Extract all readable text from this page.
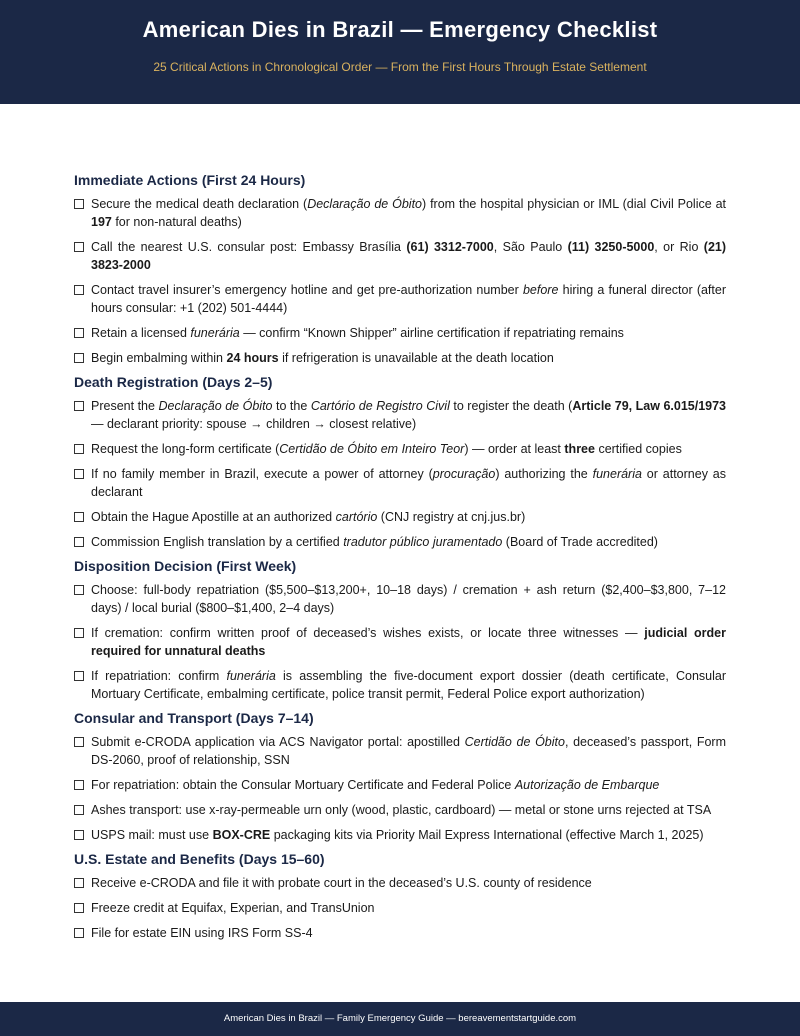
American Dies in Brazil — Emergency Checklist
25 Critical Actions in Chronological Order — From the First Hours Through Estate Settlement
Immediate Actions (First 24 Hours)
Secure the medical death declaration (Declaração de Óbito) from the hospital physician or IML (dial Civil Police at 197 for non-natural deaths)
Call the nearest U.S. consular post: Embassy Brasília (61) 3312-7000, São Paulo (11) 3250-5000, or Rio (21) 3823-2000
Contact travel insurer’s emergency hotline and get pre-authorization number before hiring a funeral director (after hours consular: +1 (202) 501-4444)
Retain a licensed funerária — confirm “Known Shipper” airline certification if repatriating remains
Begin embalming within 24 hours if refrigeration is unavailable at the death location
Death Registration (Days 2–5)
Present the Declaração de Óbito to the Cartório de Registro Civil to register the death (Article 79, Law 6.015/1973 — declarant priority: spouse → children → closest relative)
Request the long-form certificate (Certidão de Óbito em Inteiro Teor) — order at least three certified copies
If no family member in Brazil, execute a power of attorney (procuração) authorizing the funerária or attorney as declarant
Obtain the Hague Apostille at an authorized cartório (CNJ registry at cnj.jus.br)
Commission English translation by a certified tradutor público juramentado (Board of Trade accredited)
Disposition Decision (First Week)
Choose: full-body repatriation ($5,500–$13,200+, 10–18 days) / cremation + ash return ($2,400–$3,800, 7–12 days) / local burial ($800–$1,400, 2–4 days)
If cremation: confirm written proof of deceased’s wishes exists, or locate three witnesses — judicial order required for unnatural deaths
If repatriation: confirm funerária is assembling the five-document export dossier (death certificate, Consular Mortuary Certificate, embalming certificate, police transit permit, Federal Police export authorization)
Consular and Transport (Days 7–14)
Submit e-CRODA application via ACS Navigator portal: apostilled Certidão de Óbito, deceased’s passport, Form DS-2060, proof of relationship, SSN
For repatriation: obtain the Consular Mortuary Certificate and Federal Police Autorização de Embarque
Ashes transport: use x-ray-permeable urn only (wood, plastic, cardboard) — metal or stone urns rejected at TSA
USPS mail: must use BOX-CRE packaging kits via Priority Mail Express International (effective March 1, 2025)
U.S. Estate and Benefits (Days 15–60)
Receive e-CRODA and file it with probate court in the deceased’s U.S. county of residence
Freeze credit at Equifax, Experian, and TransUnion
File for estate EIN using IRS Form SS-4
American Dies in Brazil — Family Emergency Guide — bereavementstartguide.com
